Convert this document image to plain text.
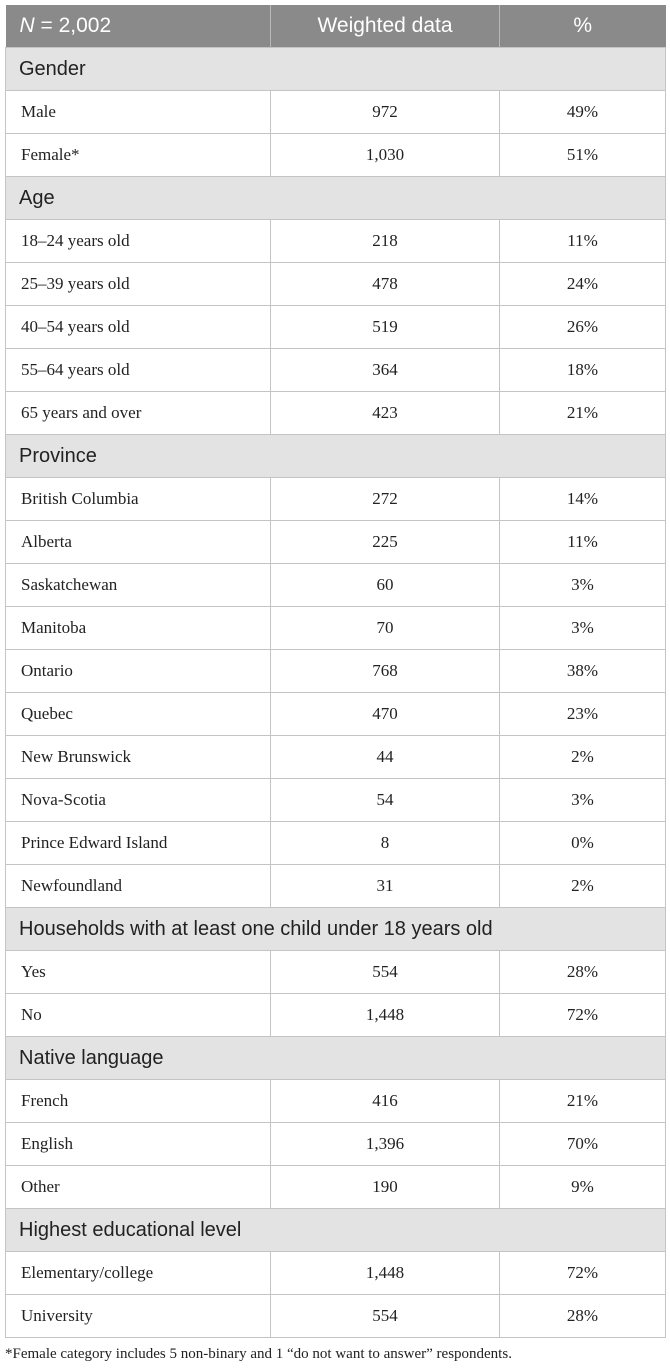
N = 2,002	Weighted data	%
Gender		
Male	972	49%
Female*	1,030	51%
Age		
18–24 years old	218	11%
25–39 years old	478	24%
40–54 years old	519	26%
55–64 years old	364	18%
65 years and over	423	21%
Province		
British Columbia	272	14%
Alberta	225	11%
Saskatchewan	60	3%
Manitoba	70	3%
Ontario	768	38%
Quebec	470	23%
New Brunswick	44	2%
Nova-Scotia	54	3%
Prince Edward Island	8	0%
Newfoundland	31	2%
Households with at least one child under 18 years old		
Yes	554	28%
No	1,448	72%
Native language		
French	416	21%
English	1,396	70%
Other	190	9%
Highest educational level		
Elementary/college	1,448	72%
University	554	28%
*Female category includes 5 non-binary and 1 “do not want to answer” respondents.
